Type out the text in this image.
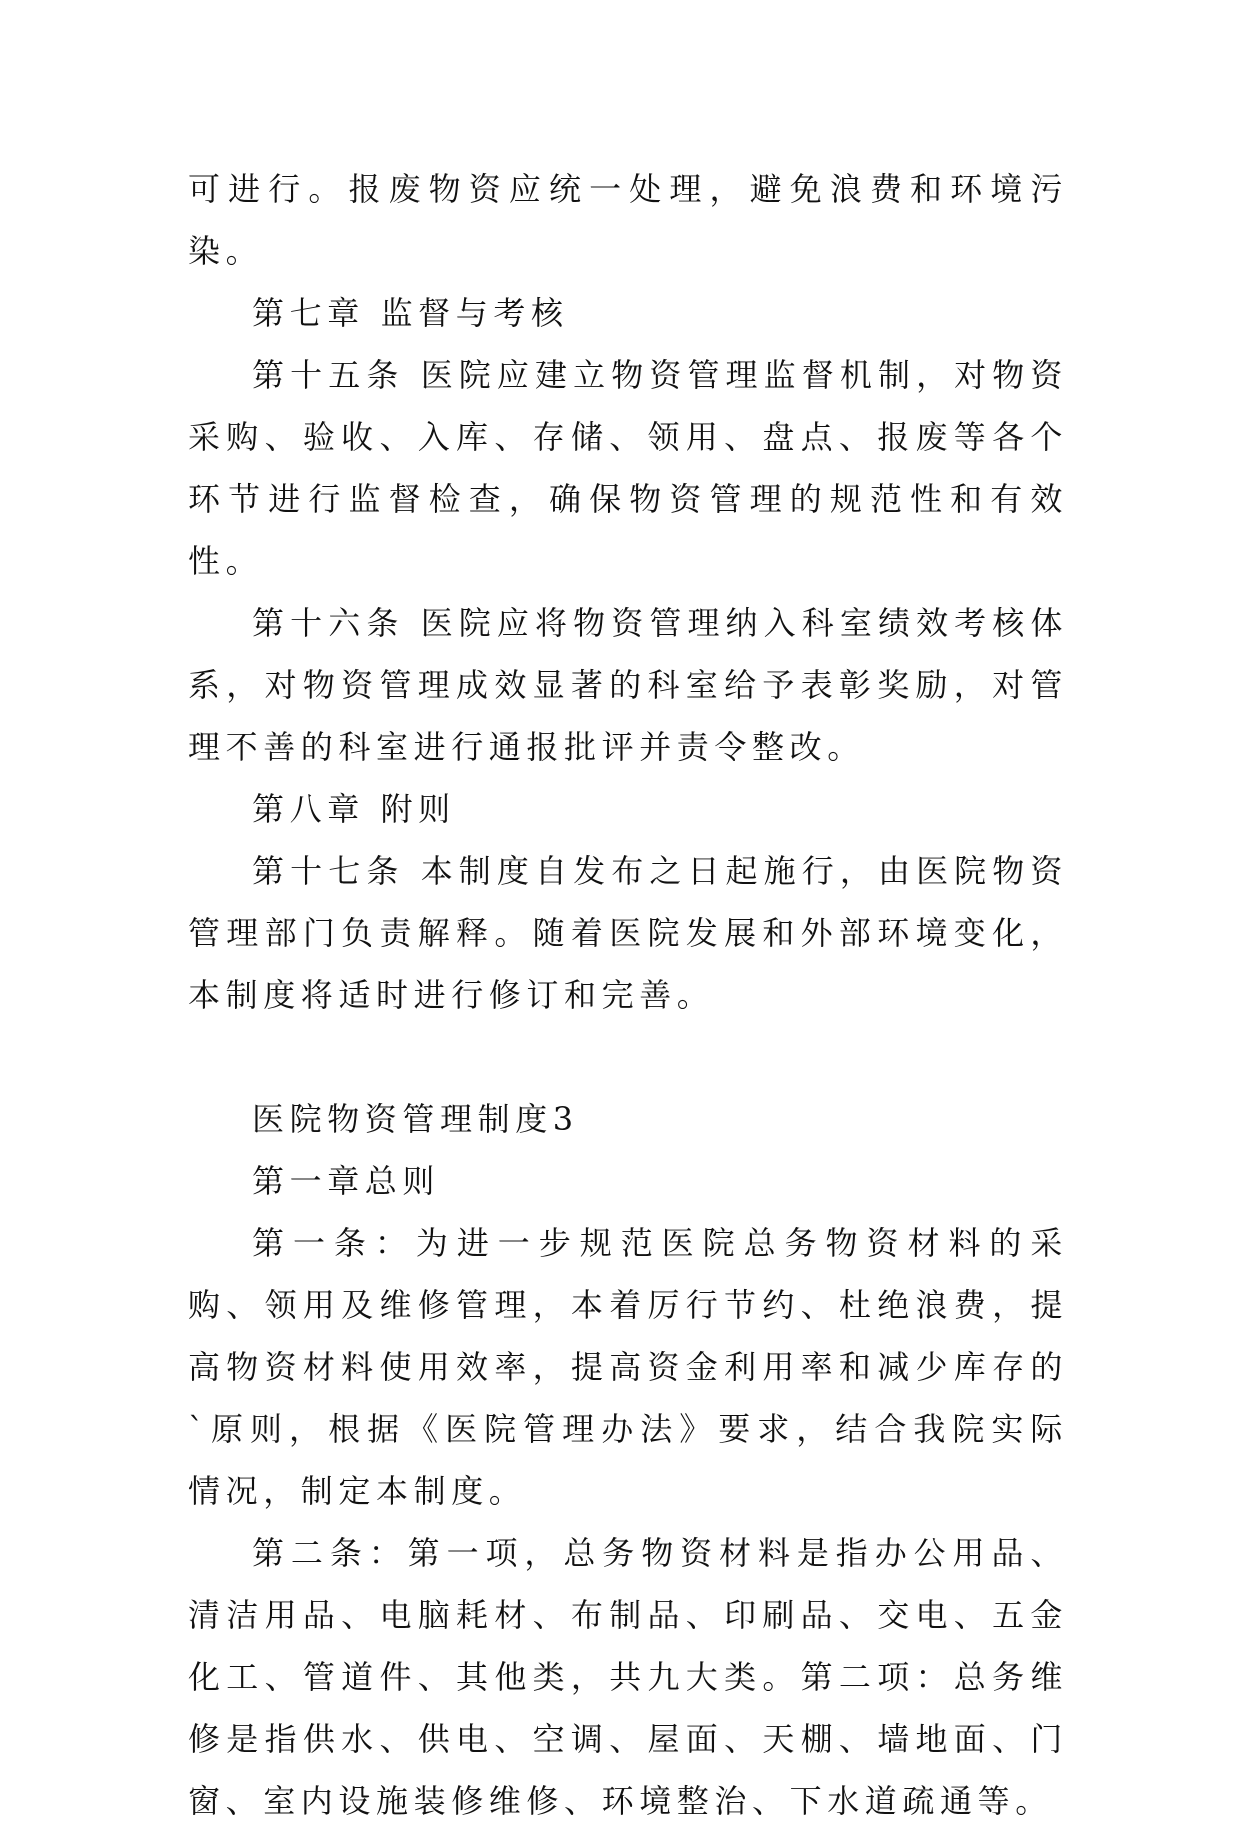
可进行。报废物资应统一处理，避免浪费和环境污染。

第七章 监督与考核

第十五条 医院应建立物资管理监督机制，对物资采购、验收、入库、存储、领用、盘点、报废等各个环节进行监督检查，确保物资管理的规范性和有效性。

第十六条 医院应将物资管理纳入科室绩效考核体系，对物资管理成效显著的科室给予表彰奖励，对管理不善的科室进行通报批评并责令整改。

第八章 附则

第十七条 本制度自发布之日起施行，由医院物资管理部门负责解释。随着医院发展和外部环境变化，本制度将适时进行修订和完善。

医院物资管理制度3

第一章总则

第一条：为进一步规范医院总务物资材料的采购、领用及维修管理，本着厉行节约、杜绝浪费，提高物资材料使用效率，提高资金利用率和减少库存的`原则，根据《医院管理办法》要求，结合我院实际情况，制定本制度。

第二条：第一项，总务物资材料是指办公用品、清洁用品、电脑耗材、布制品、印刷品、交电、五金化工、管道件、其他类，共九大类。第二项：总务维修是指供水、供电、空调、屋面、天棚、墙地面、门窗、室内设施装修维修、环境整治、下水道疏通等。
